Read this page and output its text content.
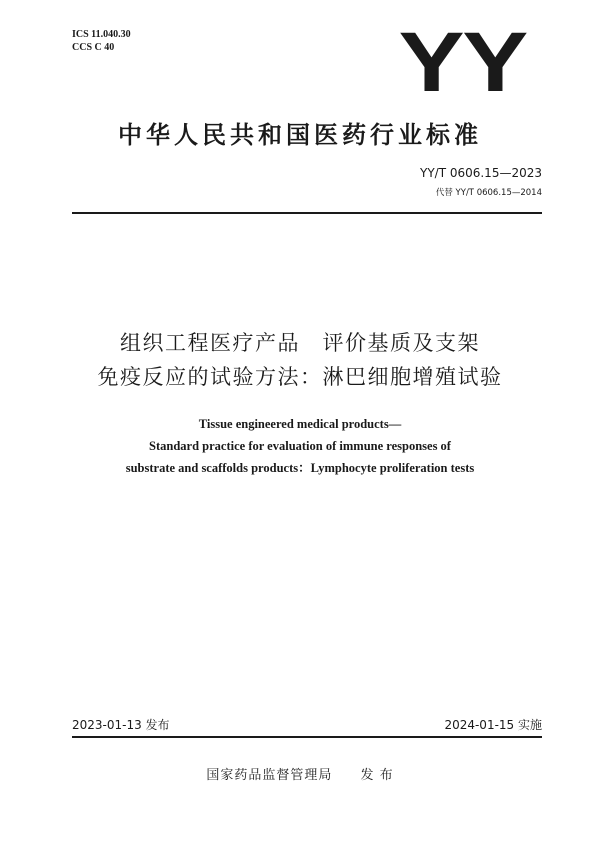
ICS 11.040.30
CCS C 40	YY
中华人民共和国医药行业标准
YY/T 0606.15—2023
代替 YY/T 0606.15—2014
组织工程医疗产品　评价基质及支架
免疫反应的试验方法：淋巴细胞增殖试验
Tissue engineered medical products—
Standard practice for evaluation of immune responses of
substrate and scaffolds products：Lymphocyte proliferation tests
2023-01-13 发布	2024-01-15 实施
国家药品监督管理局 发 布
